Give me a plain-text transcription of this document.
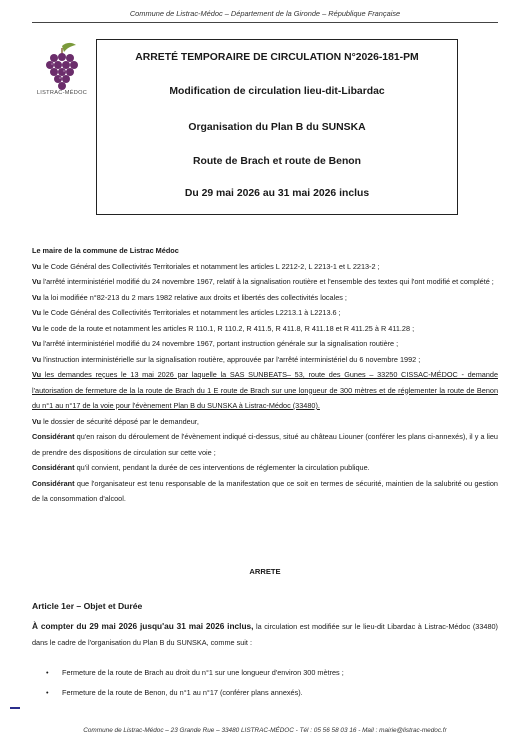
Commune de Listrac-Médoc – Département de la Gironde – République Française
LISTRAC-MÉDOC
ARRETÉ TEMPORAIRE DE CIRCULATION N°2026-181-PM
Modification de circulation lieu-dit-Libardac
Organisation du Plan B du SUNSKA
Route de Brach et route de Benon
Du 29 mai 2026 au 31 mai 2026 inclus

Le maire de la commune de Listrac Médoc

Vu le Code Général des Collectivités Territoriales et notamment les articles L 2212-2, L 2213-1 et L 2213-2 ;

Vu l'arrêté interministériel modifié du 24 novembre 1967, relatif à la signalisation routière et l'ensemble des textes qui l'ont modifié et complété ;

Vu la loi modifiée n°82-213 du 2 mars 1982 relative aux droits et libertés des collectivités locales ;

Vu le Code Général des Collectivités Territoriales et notamment les articles L2213.1 à L2213.6 ;

Vu le code de la route et notamment les articles R 110.1, R 110.2, R 411.5, R 411.8, R 411.18 et R 411.25 à R 411.28 ;

Vu l'arrêté interministériel modifié du 24 novembre 1967, portant instruction générale sur la signalisation routière ;

Vu l'instruction interministérielle sur la signalisation routière, approuvée par l'arrêté interministériel du 6 novembre 1992 ;

Vu les demandes reçues le 13 mai 2026 par laquelle la SAS SUNBEATS– 53, route des Gunes – 33250 CISSAC-MÉDOC - demande l'autorisation de fermeture de la la route de Brach du 1 E route de Brach sur une longueur de 300 mètres et de réglementer la route de Benon du n°1 au n°17 de la voie pour l'évènement Plan B du SUNSKA à Listrac-Médoc (33480).

Vu le dossier de sécurité déposé par le demandeur,

Considérant qu'en raison du déroulement de l'évènement indiqué ci-dessus, situé au château Liouner (conférer les plans ci-annexés), il y a lieu de prendre des dispositions de circulation sur cette voie ;

Considérant qu'il convient, pendant la durée de ces interventions de réglementer la circulation publique.

Considérant que l'organisateur est tenu responsable de la manifestation que ce soit en termes de sécurité, maintien de la salubrité ou gestion de la consommation d'alcool.

ARRETE
Article 1er – Objet et Durée
À compter du 29 mai 2026 jusqu'au 31 mai 2026 inclus, la circulation est modifiée sur le lieu-dit Libardac à Listrac-Médoc (33480) dans le cadre de l'organisation du Plan B du SUNSKA, comme suit :
• Fermeture de la route de Brach au droit du n°1 sur une longueur d'environ 300 mètres ;
• Fermeture de la route de Benon, du n°1 au n°17 (conférer plans annexés).
Commune de Listrac-Médoc – 23 Grande Rue – 33480 LISTRAC-MÉDOC - Tél : 05 56 58 03 16 - Mail : mairie@listrac-medoc.fr
